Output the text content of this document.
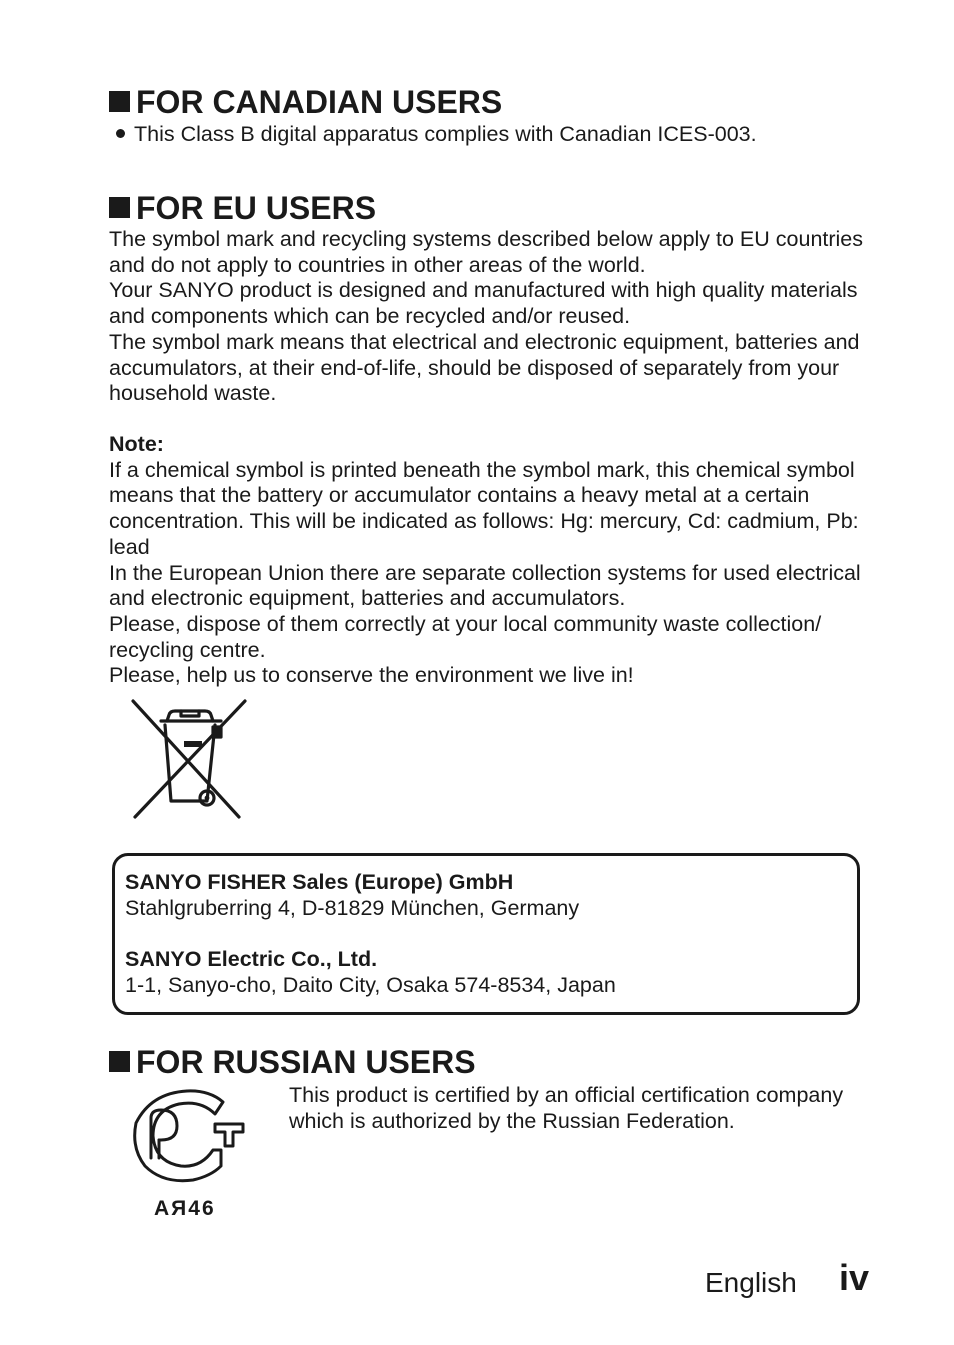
FOR CANADIAN USERS
This Class B digital apparatus complies with Canadian ICES-003.
FOR EU USERS

The symbol mark and recycling systems described below apply to EU countries and do not apply to countries in other areas of the world.

Your SANYO product is designed and manufactured with high quality materials and components which can be recycled and/or reused.

The symbol mark means that electrical and electronic equipment, batteries and accumulators, at their end-of-life, should be disposed of separately from your household waste.

Note:

If a chemical symbol is printed beneath the symbol mark, this chemical symbol means that the battery or accumulator contains a heavy metal at a certain concentration. This will be indicated as follows: Hg: mercury, Cd: cadmium, Pb: lead

In the European Union there are separate collection systems for used electrical and electronic equipment, batteries and accumulators.

Please, dispose of them correctly at your local community waste collection/ recycling centre.

Please, help us to conserve the environment we live in!

SANYO FISHER Sales (Europe) GmbH
Stahlgruberring 4, D-81829 München, Germany
SANYO Electric Co., Ltd.
1-1, Sanyo-cho, Daito City, Osaka 574-8534, Japan
FOR RUSSIAN USERS
АЯ46
This product is certified by an official certification company which is authorized by the Russian Federation.
English iv
